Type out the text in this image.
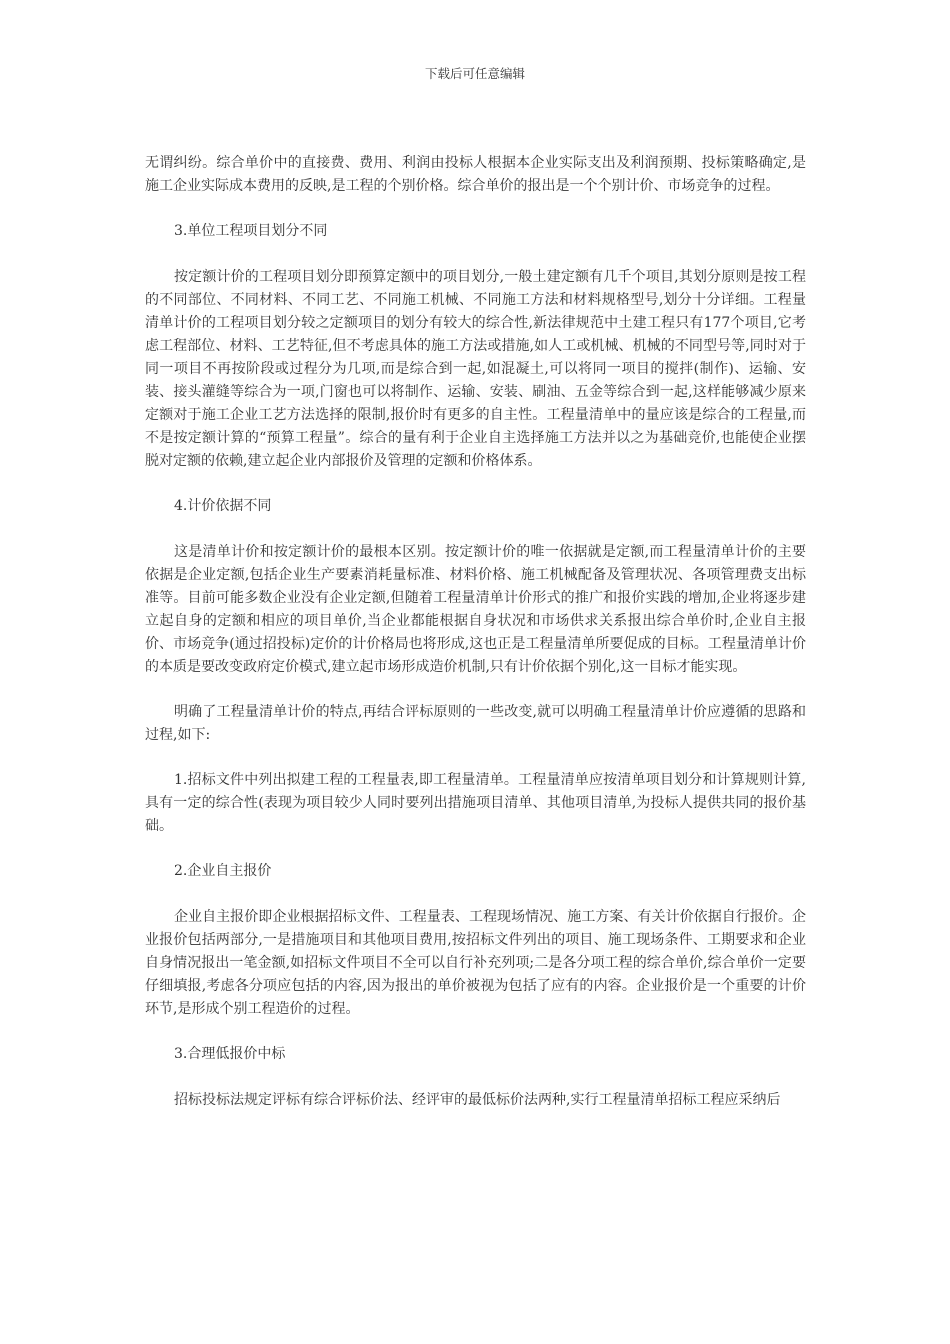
下载后可任意编辑

无谓纠纷。综合单价中的直接费、费用、利润由投标人根据本企业实际支出及利润预期、投标策略确定,是施工企业实际成本费用的反映,是工程的个别价格。综合单价的报出是一个个别计价、市场竞争的过程。

3.单位工程项目划分不同

按定额计价的工程项目划分即预算定额中的项目划分,一般土建定额有几千个项目,其划分原则是按工程的不同部位、不同材料、不同工艺、不同施工机械、不同施工方法和材料规格型号,划分十分详细。工程量清单计价的工程项目划分较之定额项目的划分有较大的综合性,新法律规范中土建工程只有177个项目,它考虑工程部位、材料、工艺特征,但不考虑具体的施工方法或措施,如人工或机械、机械的不同型号等,同时对于同一项目不再按阶段或过程分为几项,而是综合到一起,如混凝土,可以将同一项目的搅拌(制作)、运输、安装、接头灌缝等综合为一项,门窗也可以将制作、运输、安装、刷油、五金等综合到一起,这样能够减少原来定额对于施工企业工艺方法选择的限制,报价时有更多的自主性。工程量清单中的量应该是综合的工程量,而不是按定额计算的“预算工程量”。综合的量有利于企业自主选择施工方法并以之为基础竞价,也能使企业摆脱对定额的依赖,建立起企业内部报价及管理的定额和价格体系。

4.计价依据不同

这是清单计价和按定额计价的最根本区别。按定额计价的唯一依据就是定额,而工程量清单计价的主要依据是企业定额,包括企业生产要素消耗量标准、材料价格、施工机械配备及管理状况、各项管理费支出标准等。目前可能多数企业没有企业定额,但随着工程量清单计价形式的推广和报价实践的增加,企业将逐步建立起自身的定额和相应的项目单价,当企业都能根据自身状况和市场供求关系报出综合单价时,企业自主报价、市场竞争(通过招投标)定价的计价格局也将形成,这也正是工程量清单所要促成的目标。工程量清单计价的本质是要改变政府定价模式,建立起市场形成造价机制,只有计价依据个别化,这一目标才能实现。

明确了工程量清单计价的特点,再结合评标原则的一些改变,就可以明确工程量清单计价应遵循的思路和过程,如下:

1.招标文件中列出拟建工程的工程量表,即工程量清单。工程量清单应按清单项目划分和计算规则计算,具有一定的综合性(表现为项目较少人同时要列出措施项目清单、其他项目清单,为投标人提供共同的报价基础。

2.企业自主报价

企业自主报价即企业根据招标文件、工程量表、工程现场情况、施工方案、有关计价依据自行报价。企业报价包括两部分,一是措施项目和其他项目费用,按招标文件列出的项目、施工现场条件、工期要求和企业自身情况报出一笔金额,如招标文件项目不全可以自行补充列项;二是各分项工程的综合单价,综合单价一定要仔细填报,考虑各分项应包括的内容,因为报出的单价被视为包括了应有的内容。企业报价是一个重要的计价环节,是形成个别工程造价的过程。

3.合理低报价中标

招标投标法规定评标有综合评标价法、经评审的最低标价法两种,实行工程量清单招标工程应采纳后
